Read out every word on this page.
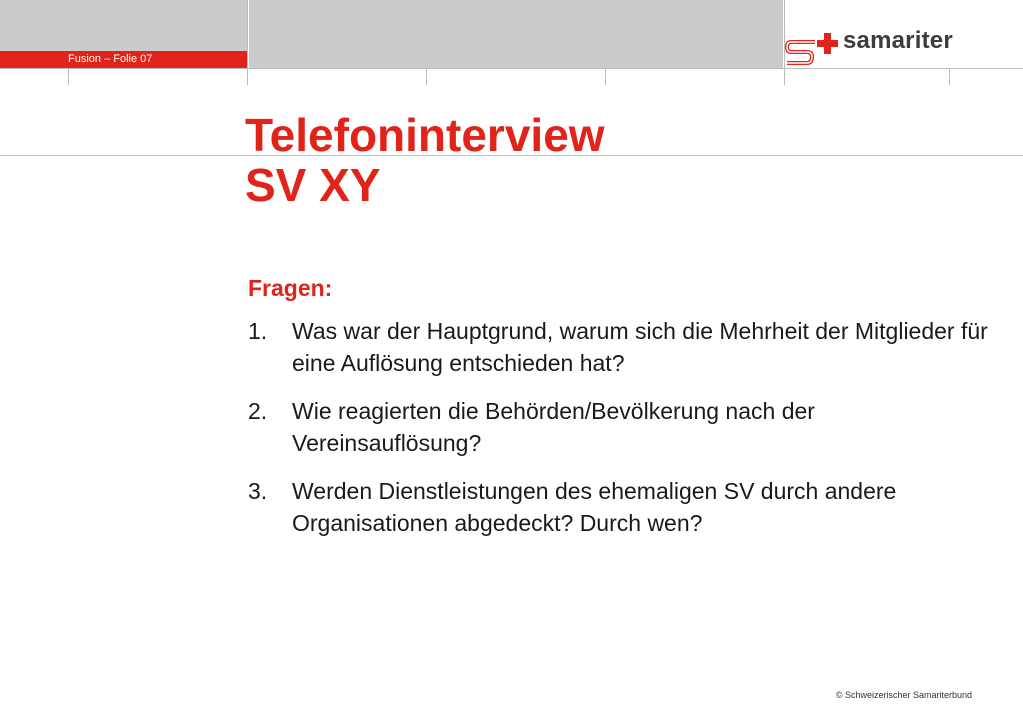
Fusion – Folie 07
samariter
Telefoninterview
SV XY

Fragen:

1. Was war der Hauptgrund, warum sich die Mehrheit der Mitglieder für eine Auflösung entschieden hat?
2. Wie reagierten die Behörden/Bevölkerung nach der Vereinsauflösung?
3. Werden Dienstleistungen des ehemaligen SV durch andere Organisationen abgedeckt? Durch wen?
© Schweizerischer Samariterbund
